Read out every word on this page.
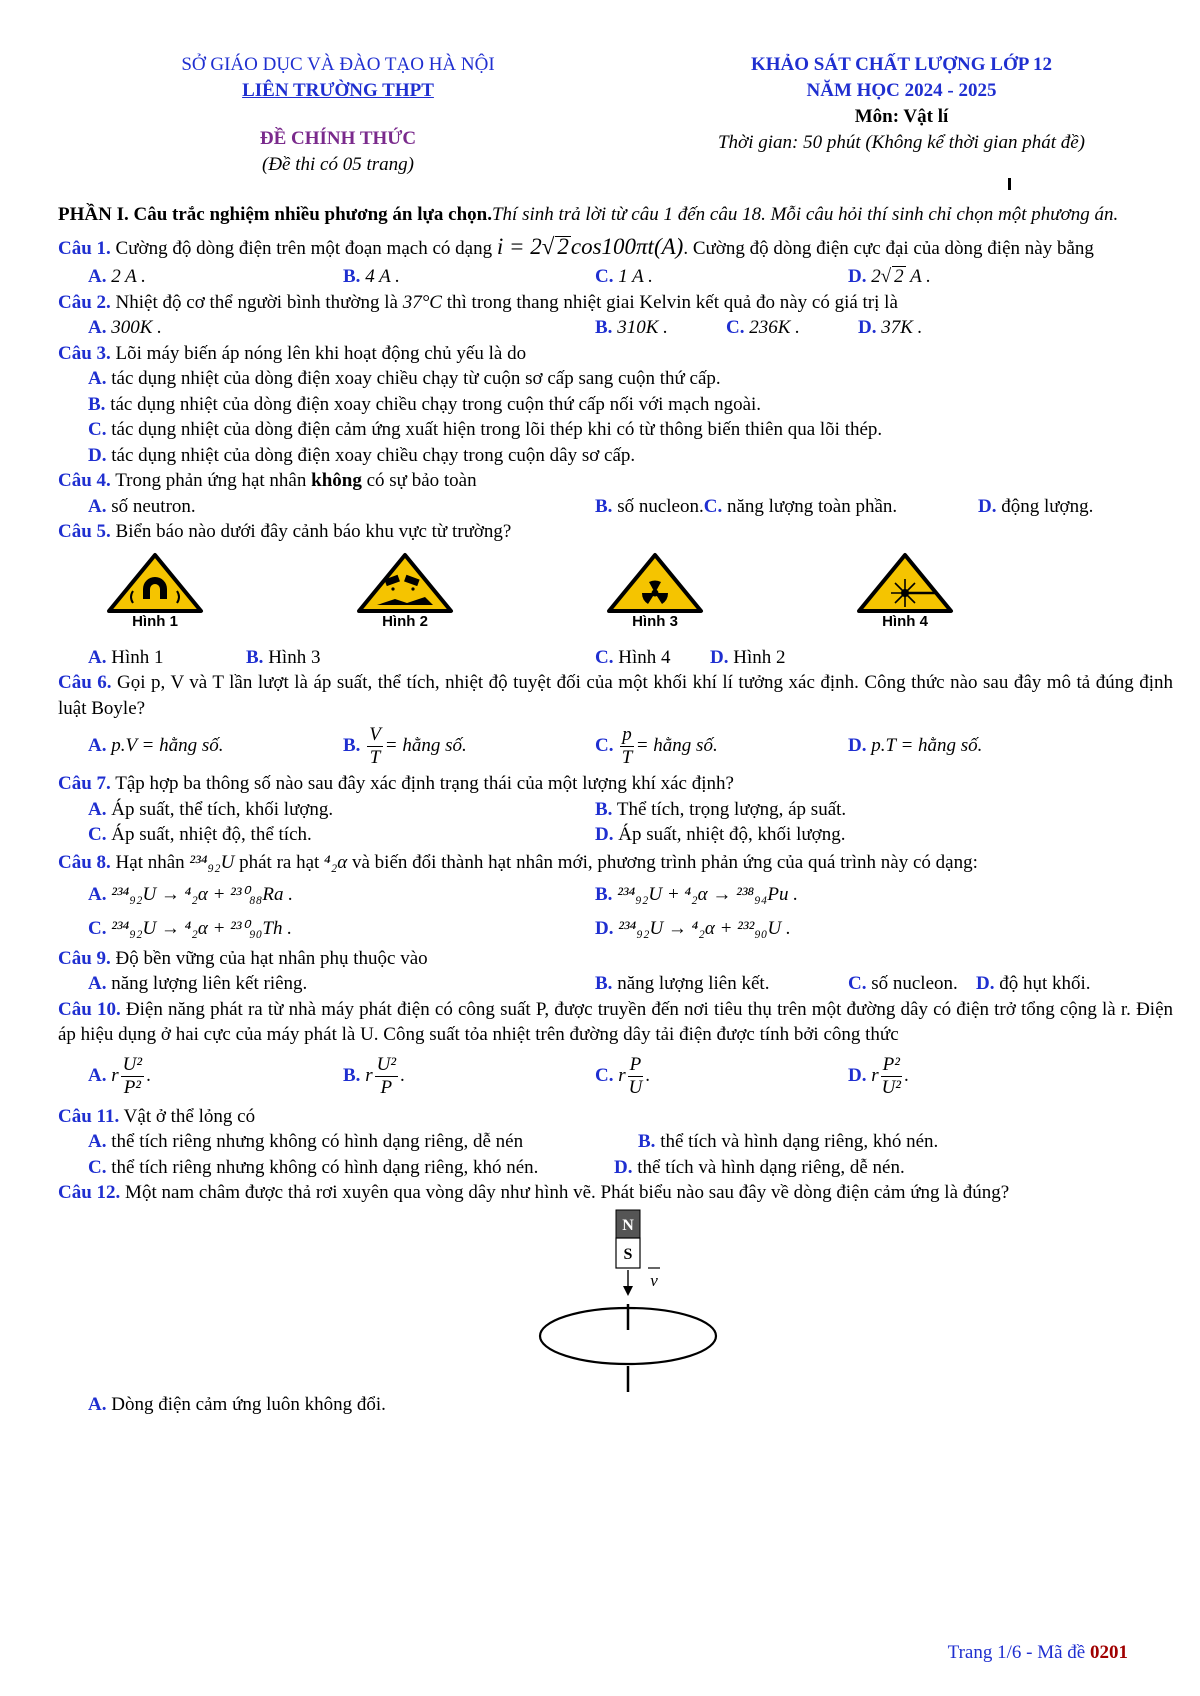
SỞ GIÁO DỤC VÀ ĐÀO TẠO HÀ NỘI
LIÊN TRƯỜNG THPT
ĐỀ CHÍNH THỨC
(Đề thi có 05 trang)
KHẢO SÁT CHẤT LƯỢNG LỚP 12
NĂM HỌC 2024 - 2025
Môn: Vật lí
Thời gian: 50 phút (Không kể thời gian phát đề)
PHẦN I. Câu trắc nghiệm nhiều phương án lựa chọn.Thí sinh trả lời từ câu 1 đến câu 18. Mỗi câu hỏi thí sinh chỉ chọn một phương án.
Câu 1. Cường độ dòng điện trên một đoạn mạch có dạng i = 2√ 2cos100πt(A). Cường độ dòng điện cực đại của dòng điện này bằng
A. 2 A .	B. 4 A .	C. 1 A .	D. 2√ 2 A .
Câu 2. Nhiệt độ cơ thể người bình thường là 37°C thì trong thang nhiệt giai Kelvin kết quả đo này có giá trị là
A. 300K .	B. 310K .	C. 236K .	D. 37K .
Câu 3. Lõi máy biến áp nóng lên khi hoạt động chủ yếu là do
A. tác dụng nhiệt của dòng điện xoay chiều chạy từ cuộn sơ cấp sang cuộn thứ cấp.
B. tác dụng nhiệt của dòng điện xoay chiều chạy trong cuộn thứ cấp nối với mạch ngoài.
C. tác dụng nhiệt của dòng điện cảm ứng xuất hiện trong lõi thép khi có từ thông biến thiên qua lõi thép.
D. tác dụng nhiệt của dòng điện xoay chiều chạy trong cuộn dây sơ cấp.
Câu 4. Trong phản ứng hạt nhân không có sự bảo toàn
A. số neutron.	B. số nucleon.C. năng lượng toàn phần.	D. động lượng.
Câu 5. Biển báo nào dưới đây cảnh báo khu vực từ trường?
Hình 1	Hình 2	Hình 3	Hình 4
A. Hình 1	B. Hình 3	C. Hình 4 D. Hình 2
Câu 6. Gọi p, V và T lần lượt là áp suất, thể tích, nhiệt độ tuyệt đối của một khối khí lí tưởng xác định. Công thức nào sau đây mô tả đúng định luật Boyle?
A. p.V = hằng số.	B. $\frac{V}{T}$ = hằng số.	C. $\frac{p}{T}$ = hằng số.	D. p.T = hằng số.
Câu 7. Tập hợp ba thông số nào sau đây xác định trạng thái của một lượng khí xác định?
A. Áp suất, thể tích, khối lượng.	B. Thể tích, trọng lượng, áp suất.
C. Áp suất, nhiệt độ, thể tích.	D. Áp suất, nhiệt độ, khối lượng.
Câu 8. Hạt nhân ²³⁴₉₂U phát ra hạt ⁴₂α và biến đổi thành hạt nhân mới, phương trình phản ứng của quá trình này có dạng:
A. ²³⁴₉₂U → ⁴₂α + ²³⁰₈₈Ra .	B. ²³⁴₉₂U + ⁴₂α → ²³⁸₉₄Pu .
C. ²³⁴₉₂U → ⁴₂α + ²³⁰₉₀Th .	D. ²³⁴₉₂U → ⁴₂α + ²³²₉₀U .
Câu 9. Độ bền vững của hạt nhân phụ thuộc vào
A. năng lượng liên kết riêng.	B. năng lượng liên kết.	C. số nucleon. D. độ hụt khối.
Câu 10. Điện năng phát ra từ nhà máy phát điện có công suất P, được truyền đến nơi tiêu thụ trên một đường dây có điện trở tổng cộng là r. Điện áp hiệu dụng ở hai cực của máy phát là U. Công suất tỏa nhiệt trên đường dây tải điện được tính bởi công thức
A. r $\frac{\text{U²}}{\text{P²}}$ .	B. r $\frac{\text{U²}}{P}$ .	C. r $\frac{P}{U}$ .	D. r $\frac{\text{P²}}{\text{U²}}$ .
Câu 11. Vật ở thể lỏng có
A. thể tích riêng nhưng không có hình dạng riêng, dễ nén	B. thể tích và hình dạng riêng, khó nén.
C. thể tích riêng nhưng không có hình dạng riêng, khó nén.	D. thể tích và hình dạng riêng, dễ nén.
Câu 12. Một nam châm được thả rơi xuyên qua vòng dây như hình vẽ. Phát biểu nào sau đây về dòng điện cảm ứng là đúng?
N
S
v
A. Dòng điện cảm ứng luôn không đổi.
Trang 1/6 - Mã đề 0201
